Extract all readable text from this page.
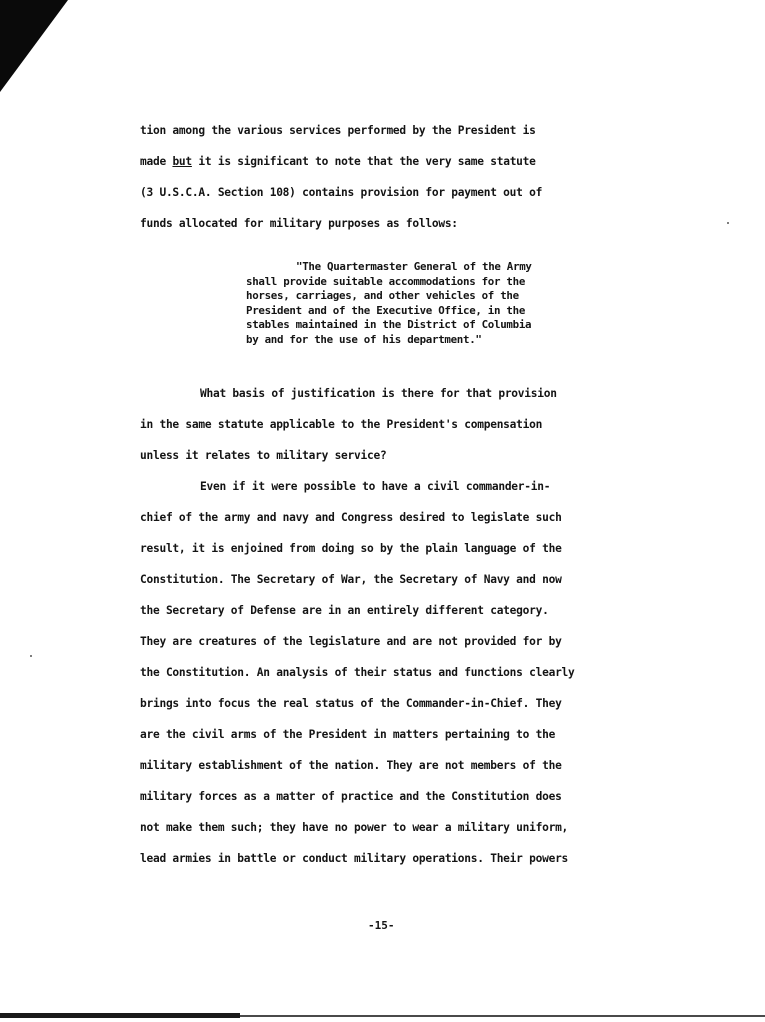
tion among the various services performed by the President is
made but it is significant to note that the very same statute
(3 U.S.C.A. Section 108) contains provision for payment out of
funds allocated for military purposes as follows:
"The Quartermaster General of the Army
shall provide suitable accommodations for the
horses, carriages, and other vehicles of the
President and of the Executive Office, in the
stables maintained in the District of Columbia
by and for the use of his department."
What basis of justification is there for that provision
in the same statute applicable to the President's compensation
unless it relates to military service?
Even if it were possible to have a civil commander-in-
chief of the army and navy and Congress desired to legislate such
result, it is enjoined from doing so by the plain language of the
Constitution. The Secretary of War, the Secretary of Navy and now
the Secretary of Defense are in an entirely different category.
They are creatures of the legislature and are not provided for by
the Constitution. An analysis of their status and functions clearly
brings into focus the real status of the Commander-in-Chief. They
are the civil arms of the President in matters pertaining to the
military establishment of the nation. They are not members of the
military forces as a matter of practice and the Constitution does
not make them such; they have no power to wear a military uniform,
lead armies in battle or conduct military operations. Their powers
-15-
